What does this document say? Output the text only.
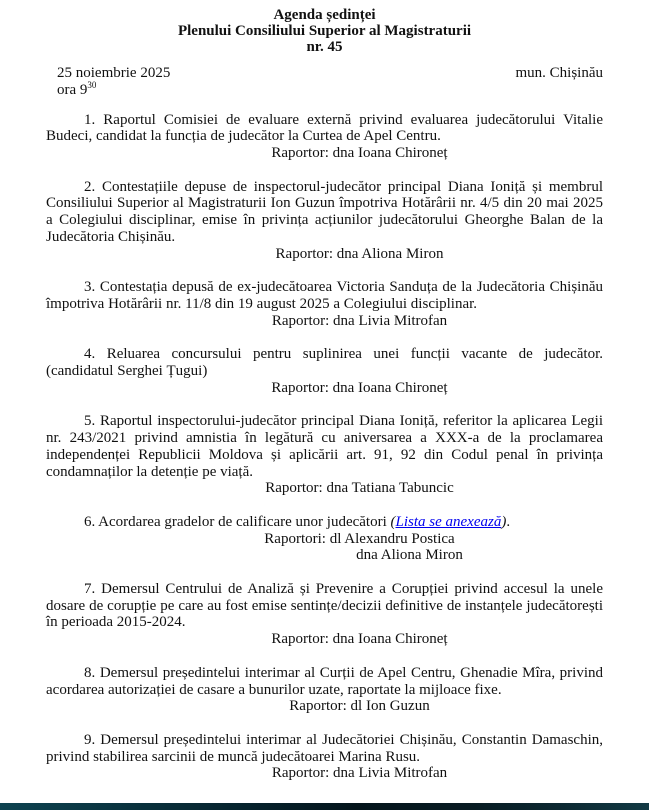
Agenda ședinței
Plenului Consiliului Superior al Magistraturii
nr. 45
25 noiembrie 2025	mun. Chișinău
ora $9^{30}$
1. Raportul Comisiei de evaluare externă privind evaluarea judecătorului Vitalie Budeci, candidat la funcția de judecător la Curtea de Apel Centru.
Raportor: dna Ioana Chironeț
2. Contestațiile depuse de inspectorul-judecător principal Diana Ioniță și membrul Consiliului Superior al Magistraturii Ion Guzun împotriva Hotărârii nr. 4/5 din 20 mai 2025 a Colegiului disciplinar, emise în privința acțiunilor judecătorului Gheorghe Balan de la Judecătoria Chișinău.
Raportor: dna Aliona Miron
3. Contestația depusă de ex-judecătoarea Victoria Sanduța de la Judecătoria Chișinău împotriva Hotărârii nr. 11/8 din 19 august 2025 a Colegiului disciplinar.
Raportor: dna Livia Mitrofan
4. Reluarea concursului pentru suplinirea unei funcții vacante de judecător.
(candidatul Serghei Țugui)
Raportor: dna Ioana Chironeț
5. Raportul inspectorului-judecător principal Diana Ioniță, referitor la aplicarea Legii nr. 243/2021 privind amnistia în legătură cu aniversarea a XXX-a de la proclamarea independenței Republicii Moldova și aplicării art. 91, 92 din Codul penal în privința condamnaților la detenție pe viață.
Raportor: dna Tatiana Tabuncic
6. Acordarea gradelor de calificare unor judecători (Lista se anexează).
Raportori: dl Alexandru Postica
dna Aliona Miron
7. Demersul Centrului de Analiză și Prevenire a Corupției privind accesul la unele dosare de corupție pe care au fost emise sentințe/decizii definitive de instanțele judecătorești în perioada 2015-2024.
Raportor: dna Ioana Chironeț
8. Demersul președintelui interimar al Curții de Apel Centru, Ghenadie Mîra, privind acordarea autorizației de casare a bunurilor uzate, raportate la mijloace fixe.
Raportor: dl Ion Guzun
9. Demersul președintelui interimar al Judecătoriei Chișinău, Constantin Damaschin, privind stabilirea sarcinii de muncă judecătoarei Marina Rusu.
Raportor: dna Livia Mitrofan
